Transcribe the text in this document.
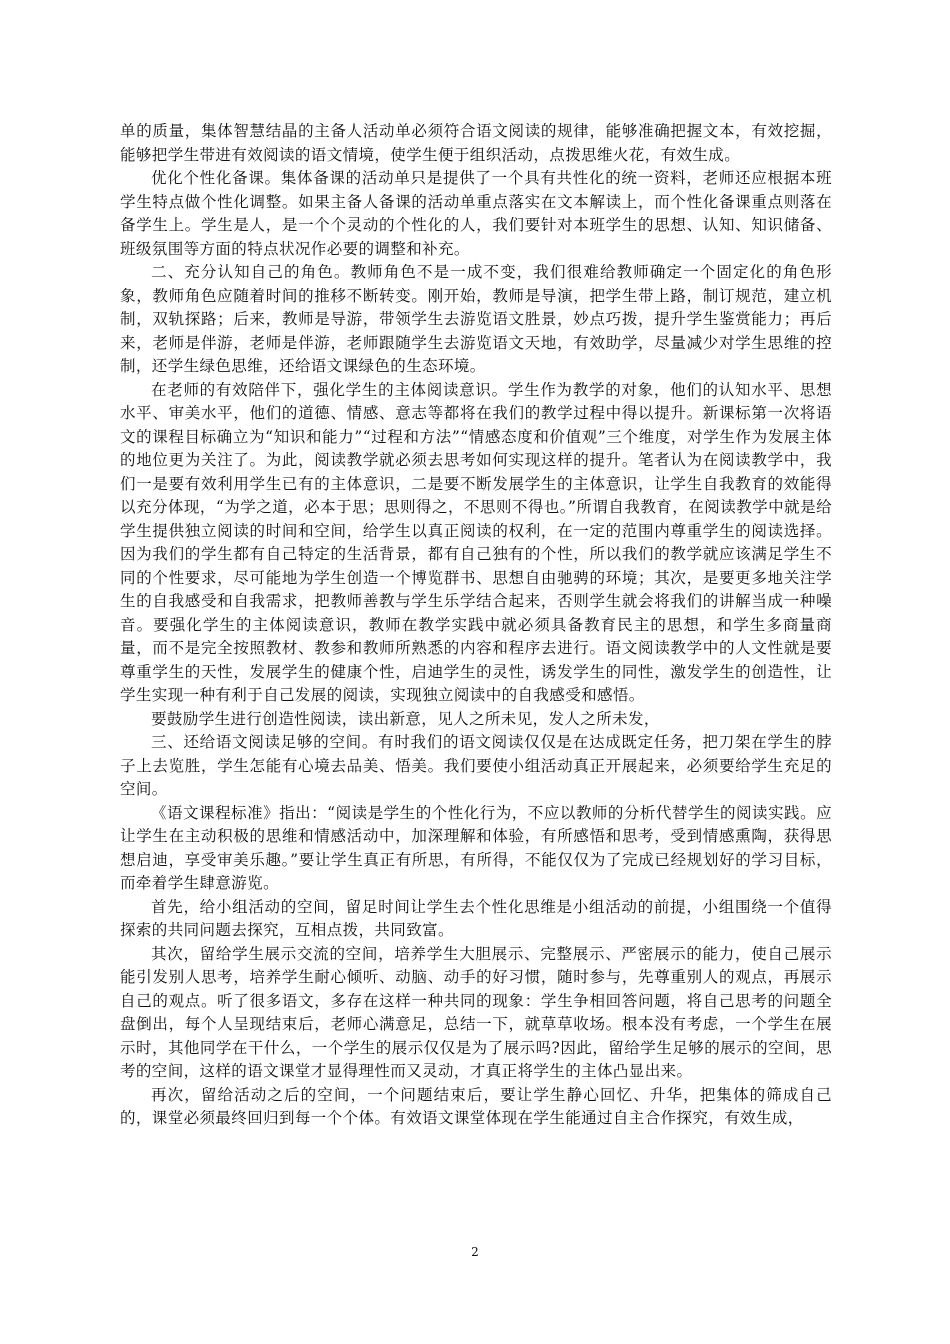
单的质量，集体智慧结晶的主备人活动单必须符合语文阅读的规律，能够准确把握文本，有效挖掘，能够把学生带进有效阅读的语文情境，使学生便于组织活动，点拨思维火花，有效生成。

优化个性化备课。集体备课的活动单只是提供了一个具有共性化的统一资料，老师还应根据本班学生特点做个性化调整。如果主备人备课的活动单重点落实在文本解读上，而个性化备课重点则落在备学生上。学生是人，是一个个灵动的个性化的人，我们要针对本班学生的思想、认知、知识储备、班级氛围等方面的特点状况作必要的调整和补充。

二、充分认知自己的角色。教师角色不是一成不变，我们很难给教师确定一个固定化的角色形象，教师角色应随着时间的推移不断转变。刚开始，教师是导演，把学生带上路，制订规范，建立机制，双轨探路；后来，教师是导游，带领学生去游览语文胜景，妙点巧拨，提升学生鉴赏能力；再后来，老师是伴游，老师是伴游，老师跟随学生去游览语文天地，有效助学，尽量减少对学生思维的控制，还学生绿色思维，还给语文课绿色的生态环境。

在老师的有效陪伴下，强化学生的主体阅读意识。学生作为教学的对象，他们的认知水平、思想水平、审美水平，他们的道德、情感、意志等都将在我们的教学过程中得以提升。新课标第一次将语文的课程目标确立为“知识和能力”“过程和方法”“情感态度和价值观”三个维度，对学生作为发展主体的地位更为关注了。为此，阅读教学就必须去思考如何实现这样的提升。笔者认为在阅读教学中，我们一是要有效利用学生已有的主体意识，二是要不断发展学生的主体意识，让学生自我教育的效能得以充分体现，“为学之道，必本于思；思则得之，不思则不得也。”所谓自我教育，在阅读教学中就是给学生提供独立阅读的时间和空间，给学生以真正阅读的权利，在一定的范围内尊重学生的阅读选择。因为我们的学生都有自己特定的生活背景，都有自己独有的个性，所以我们的教学就应该满足学生不同的个性要求，尽可能地为学生创造一个博览群书、思想自由驰骋的环境；其次，是要更多地关注学生的自我感受和自我需求，把教师善教与学生乐学结合起来，否则学生就会将我们的讲解当成一种噪音。要强化学生的主体阅读意识，教师在教学实践中就必须具备教育民主的思想，和学生多商量商量，而不是完全按照教材、教参和教师所熟悉的内容和程序去进行。语文阅读教学中的人文性就是要尊重学生的天性，发展学生的健康个性，启迪学生的灵性，诱发学生的同性，激发学生的创造性，让学生实现一种有利于自己发展的阅读，实现独立阅读中的自我感受和感悟。

要鼓励学生进行创造性阅读，读出新意，见人之所未见，发人之所未发，

三、还给语文阅读足够的空间。有时我们的语文阅读仅仅是在达成既定任务，把刀架在学生的脖子上去览胜，学生怎能有心境去品美、悟美。我们要使小组活动真正开展起来，必须要给学生充足的空间。

《语文课程标准》指出：“阅读是学生的个性化行为，不应以教师的分析代替学生的阅读实践。应让学生在主动积极的思维和情感活动中，加深理解和体验，有所感悟和思考，受到情感熏陶，获得思想启迪，享受审美乐趣。”要让学生真正有所思，有所得，不能仅仅为了完成已经规划好的学习目标，而牵着学生肆意游览。

首先，给小组活动的空间，留足时间让学生去个性化思维是小组活动的前提，小组围绕一个值得探索的共同问题去探究，互相点拨，共同致富。

其次，留给学生展示交流的空间，培养学生大胆展示、完整展示、严密展示的能力，使自己展示能引发别人思考，培养学生耐心倾听、动脑、动手的好习惯，随时参与，先尊重别人的观点，再展示自己的观点。听了很多语文，多存在这样一种共同的现象：学生争相回答问题，将自己思考的问题全盘倒出，每个人呈现结束后，老师心满意足，总结一下，就草草收场。根本没有考虑，一个学生在展示时，其他同学在干什么，一个学生的展示仅仅是为了展示吗?因此，留给学生足够的展示的空间，思考的空间，这样的语文课堂才显得理性而又灵动，才真正将学生的主体凸显出来。

再次，留给活动之后的空间，一个问题结束后，要让学生静心回忆、升华，把集体的筛成自己的，课堂必须最终回归到每一个个体。有效语文课堂体现在学生能通过自主合作探究，有效生成，

2
